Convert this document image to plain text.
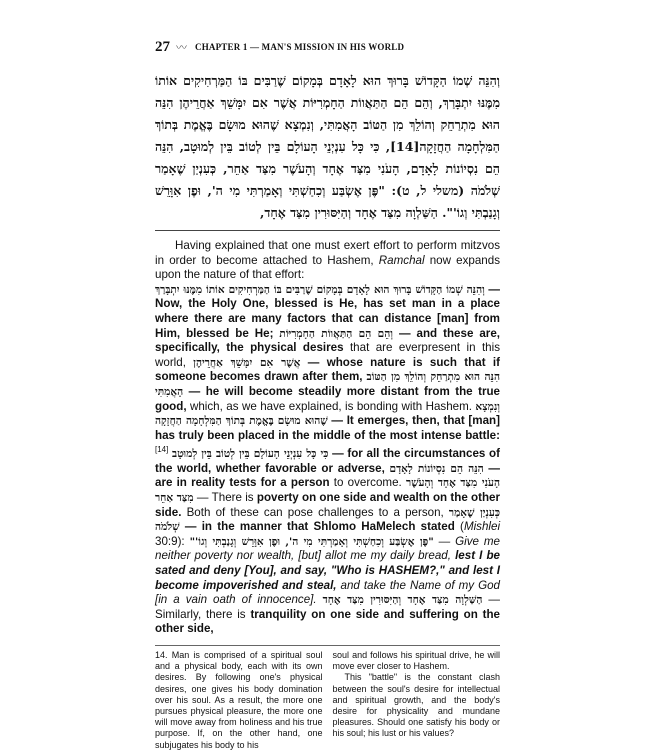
27 〰 CHAPTER 1 — MAN'S MISSION IN HIS WORLD

וְהִנֵּה שְׁמוֹ הַקָּדוֹשׁ בָּרוּךְ הוּא לָאָדָם בְּמָקוֹם שֶׁרַבִּים בּוֹ הַמַּרְחִיקִים אוֹתוֹ מִמֶּנּוּ יִתְבָּרַךְ, וְהֵם הֵם הַתַּאֲווֹת הַחָמְרִיּוֹת אֲשֶׁר אִם יִמָּשֵׁךְ אַחֲרֵיהֶן הִנֵּה הוּא מִתְרַחֵק וְהוֹלֵךְ מִן הַטּוֹב הָאֲמִתִּי, וְנִמְצָא שֶׁהוּא מוּשָׂם בֶּאֱמֶת בְּתוֹךְ הַמִּלְחָמָה הַחֲזָקָה[14], כִּי כָּל עִנְיְנֵי הָעוֹלָם בֵּין לְטוֹב בֵּין לְמוּטָב, הִנֵּה הֵם נִסְיוֹנוֹת לָאָדָם, הָעֹנִי מִצַּד אֶחָד וְהָעֹשֶׁר מִצַּד אַחֵר, כְּעִנְיַן שֶׁאָמַר שְׁלֹמֹה (משלי ל, ט): "פֶּן אֶשְׂבַּע וְכִחַשְׁתִּי וְאָמַרְתִּי מִי ה', וּפֶן אִוָּרֵשׁ וְגָנַבְתִּי וְגוֹ'". הַשַּׁלְוָה מִצַּד אֶחָד וְהַיִּסּוּרִין מִצַּד אֶחָד,

Having explained that one must exert effort to perform mitzvos in order to become attached to Hashem, Ramchal now expands upon the nature of that effort:

וְהִנֵּה שְׁמוֹ הַקָּדוֹשׁ בָּרוּךְ הוּא לָאָדָם בְּמָקוֹם שֶׁרַבִּים בּוֹ הַמַּרְחִיקִים אוֹתוֹ מִמֶּנּוּ יִתְבָּרַךְ — Now, the Holy One, blessed is He, has set man in a place where there are many factors that can distance [man] from Him, blessed be He; וְהֵם הֵם הַתַּאֲווֹת הַחָמְרִיּוֹת — and these are, specifically, the physical desires that are everpresent in this world, אֲשֶׁר אִם יִמָּשֵׁךְ אַחֲרֵיהֶן — whose nature is such that if someone becomes drawn after them, הִנֵּה הוּא מִתְרַחֵק וְהוֹלֵךְ מִן הַטּוֹב הָאֲמִתִּי — he will become steadily more distant from the true good, which, as we have explained, is bonding with Hashem. וְנִמְצָא שֶׁהוּא מוּשָׂם בֶּאֱמֶת בְּתוֹךְ הַמִּלְחָמָה הַחֲזָקָה — It emerges, then, that [man] has truly been placed in the middle of the most intense battle:[14] כִּי כָּל עִנְיְנֵי הָעוֹלָם בֵּין לְטוֹב בֵּין לְמוּטָב — for all the circumstances of the world, whether favorable or adverse, הִנֵּה הֵם נִסְיוֹנוֹת לָאָדָם — are in reality tests for a person to overcome. הָעֹנִי מִצַּד אֶחָד וְהָעֹשֶׁר מִצַּד אַחֵר — There is poverty on one side and wealth on the other side. Both of these can pose challenges to a person, כְּעִנְיַן שֶׁאָמַר שְׁלֹמֹה — in the manner that Shlomo HaMelech stated (Mishlei 30:9): "פֶּן אֶשְׂבַּע וְכִחַשְׁתִּי וְאָמַרְתִּי מִי ה', וּפֶן אִוָּרֵשׁ וְגָנַבְתִּי וְגוֹ'" — Give me neither poverty nor wealth, [but] allot me my daily bread, lest I be sated and deny [You], and say, "Who is HASHEM?," and lest I become impoverished and steal, and take the Name of my God [in a vain oath of innocence]. הַשַּׁלְוָה מִצַּד אֶחָד וְהַיִּסּוּרִין מִצַּד אֶחָד — Similarly, there is tranquility on one side and suffering on the other side,

14. Man is comprised of a spiritual soul and a physical body, each with its own desires. By following one's physical desires, one gives his body domination over his soul. As a result, the more one pursues physical pleasure, the more one will move away from holiness and his true purpose. If, on the other hand, one subjugates his body to his

soul and follows his spiritual drive, he will move ever closer to Hashem.

This "battle" is the constant clash between the soul's desire for intellectual and spiritual growth, and the body's desire for physicality and mundane pleasures. Should one satisfy his body or his soul; his lust or his values?
